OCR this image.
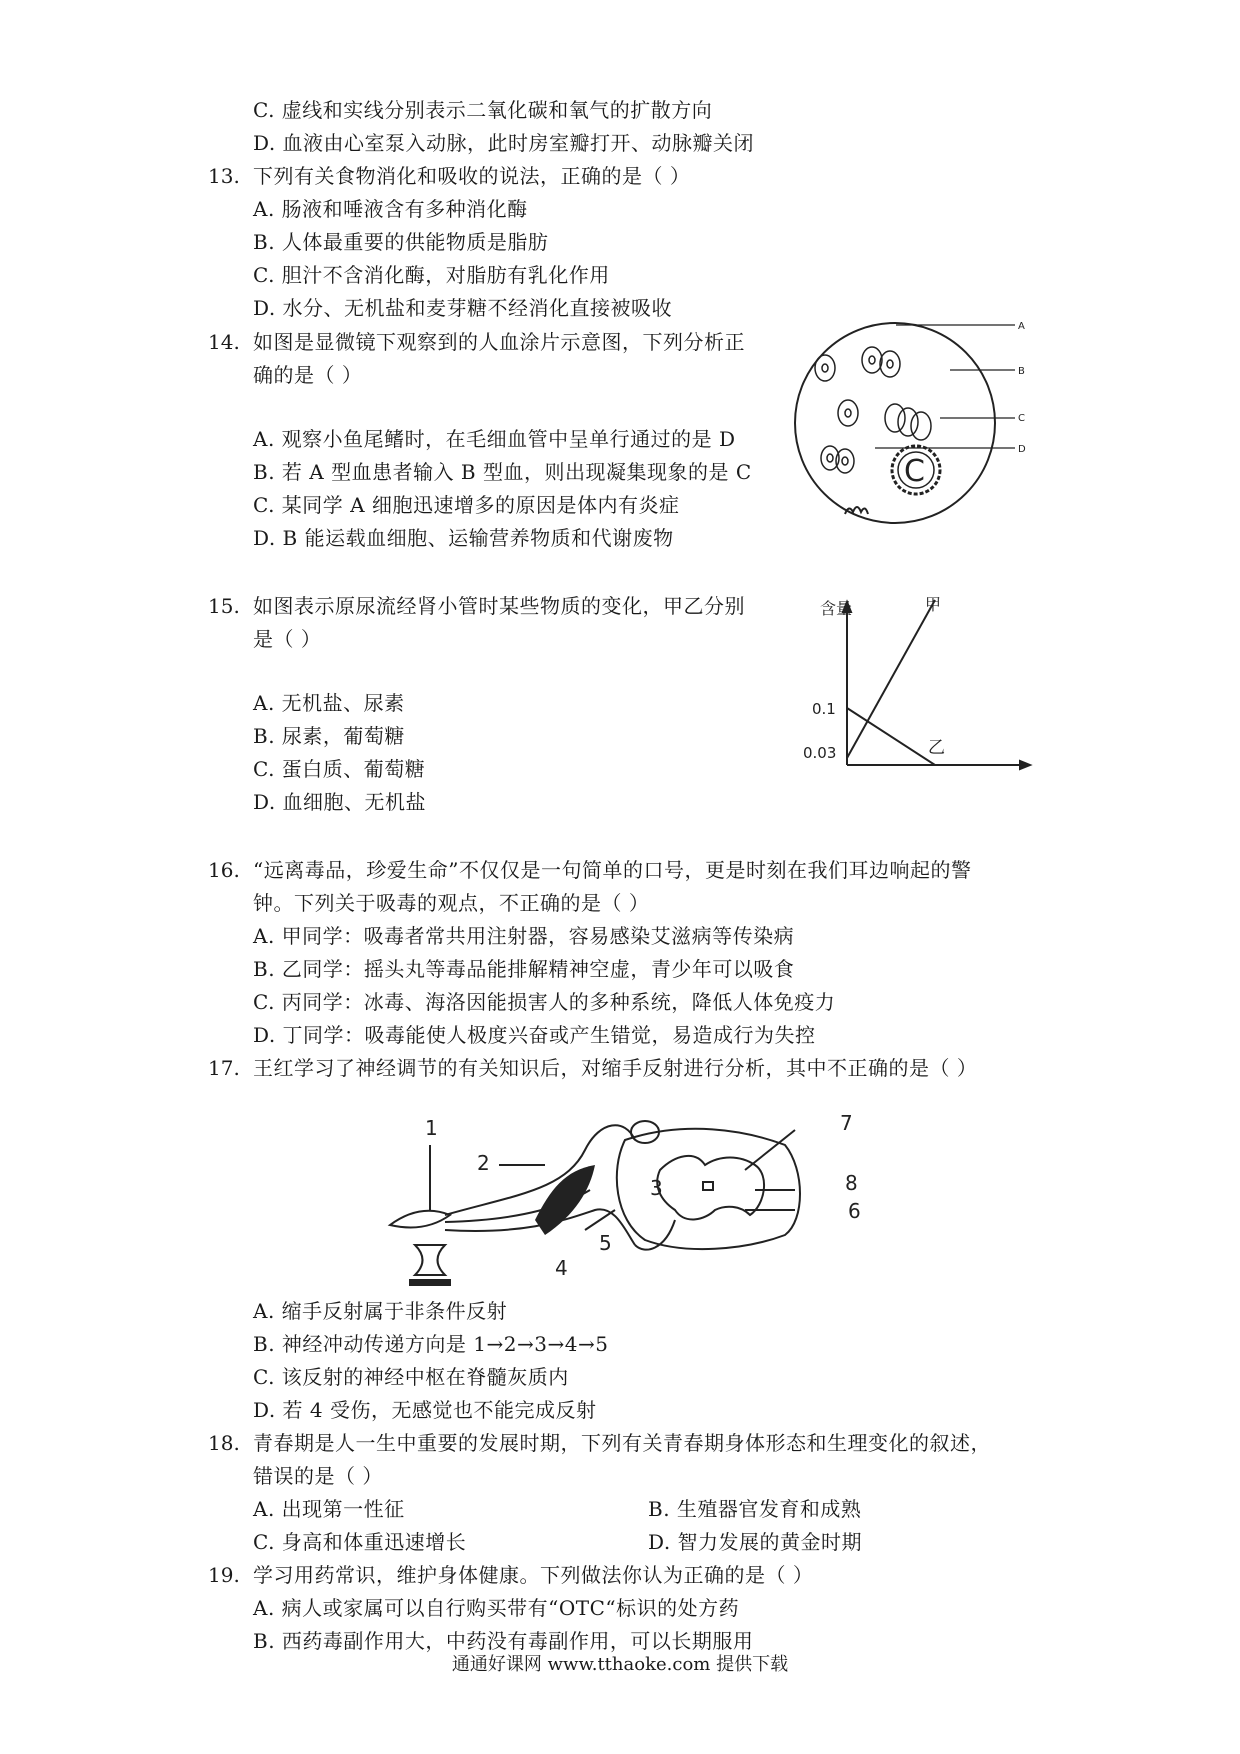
C. 虚线和实线分别表示二氧化碳和氧气的扩散方向
D. 血液由心室泵入动脉，此时房室瓣打开、动脉瓣关闭
13. 下列有关食物消化和吸收的说法，正确的是（ ）
A. 肠液和唾液含有多种消化酶
B. 人体最重要的供能物质是脂肪
C. 胆汁不含消化酶，对脂肪有乳化作用
D. 水分、无机盐和麦芽糖不经消化直接被吸收
14. 如图是显微镜下观察到的人血涂片示意图，下列分析正
确的是（ ）
A. 观察小鱼尾鳍时，在毛细血管中呈单行通过的是 D
B. 若 A 型血患者输入 B 型血，则出现凝集现象的是 C
C. 某同学 A 细胞迅速增多的原因是体内有炎症
D. B 能运载血细胞、运输营养物质和代谢废物
C
A
B
C
D
15. 如图表示原尿流经肾小管时某些物质的变化，甲乙分别
是（ ）
A. 无机盐、尿素
B. 尿素，葡萄糖
C. 蛋白质、葡萄糖
D. 血细胞、无机盐
含量
0.1
0.03
甲
乙
16. “远离毒品，珍爱生命”不仅仅是一句简单的口号，更是时刻在我们耳边响起的警
钟。下列关于吸毒的观点，不正确的是（ ）
A. 甲同学：吸毒者常共用注射器，容易感染艾滋病等传染病
B. 乙同学：摇头丸等毒品能排解精神空虚，青少年可以吸食
C. 丙同学：冰毒、海洛因能损害人的多种系统，降低人体免疫力
D. 丁同学：吸毒能使人极度兴奋或产生错觉，易造成行为失控
17. 王红学习了神经调节的有关知识后，对缩手反射进行分析，其中不正确的是（ ）
1
2
3
4
5
6
7
8
A. 缩手反射属于非条件反射
B. 神经冲动传递方向是 1→2→3→4→5
C. 该反射的神经中枢在脊髓灰质内
D. 若 4 受伤，无感觉也不能完成反射
18. 青春期是人一生中重要的发展时期，下列有关青春期身体形态和生理变化的叙述，
错误的是（ ）
A. 出现第一性征	B. 生殖器官发育和成熟
C. 身高和体重迅速增长	D. 智力发展的黄金时期
19. 学习用药常识，维护身体健康。下列做法你认为正确的是（ ）
A. 病人或家属可以自行购买带有“OTC“标识的处方药
B. 西药毒副作用大，中药没有毒副作用，可以长期服用
通通好课网 www.tthaoke.com 提供下载
